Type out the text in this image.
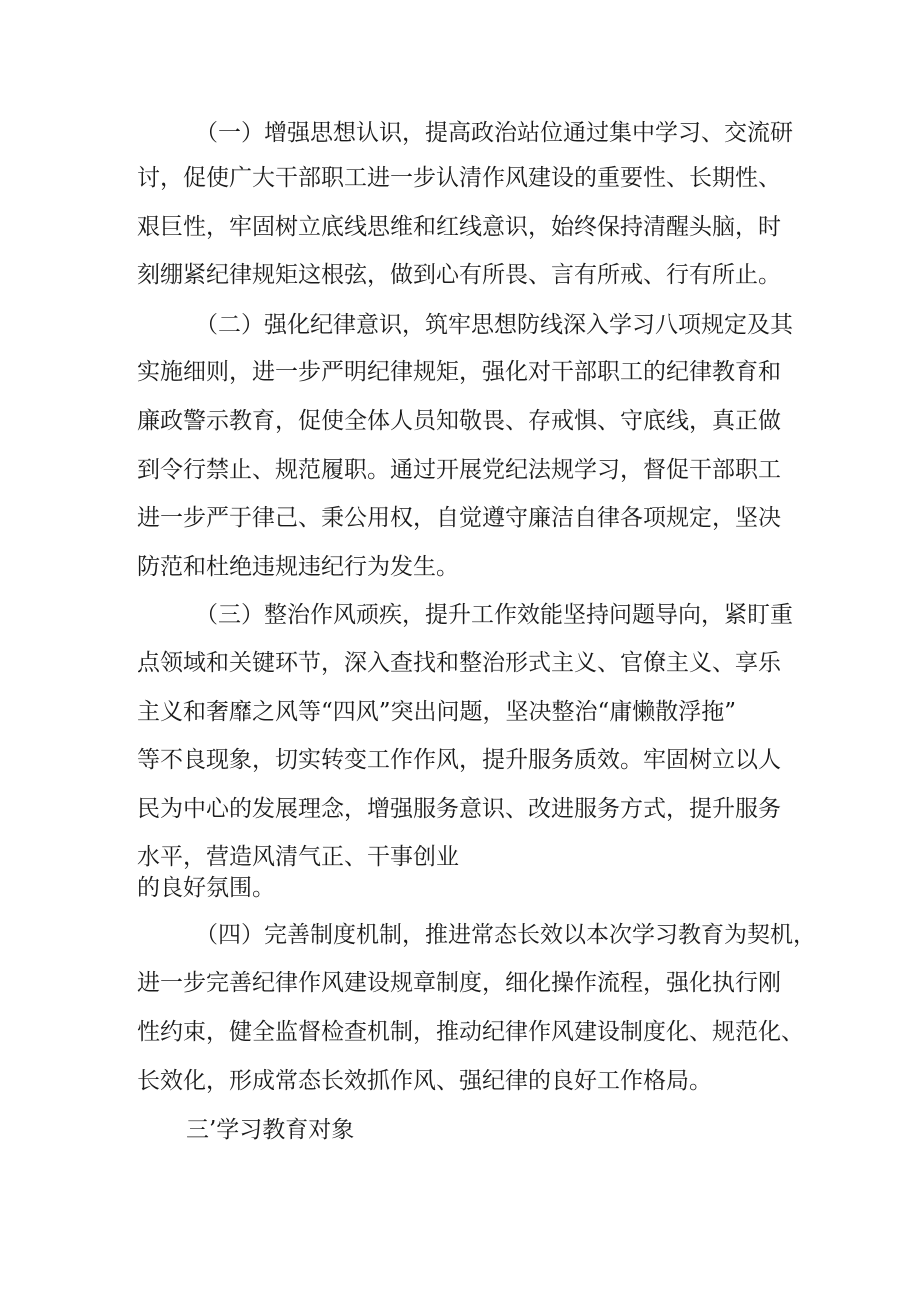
（一）增强思想认识，提高政治站位通过集中学习、交流研
讨，促使广大干部职工进一步认清作风建设的重要性、长期性、
艰巨性，牢固树立底线思维和红线意识，始终保持清醒头脑，时
刻绷紧纪律规矩这根弦，做到心有所畏、言有所戒、行有所止。
（二）强化纪律意识，筑牢思想防线深入学习八项规定及其
实施细则，进一步严明纪律规矩，强化对干部职工的纪律教育和
廉政警示教育，促使全体人员知敬畏、存戒惧、守底线，真正做
到令行禁止、规范履职。通过开展党纪法规学习，督促干部职工
进一步严于律己、秉公用权，自觉遵守廉洁自律各项规定，坚决
防范和杜绝违规违纪行为发生。
（三）整治作风顽疾，提升工作效能坚持问题导向，紧盯重
点领域和关键环节，深入查找和整治形式主义、官僚主义、享乐
主义和奢靡之风等“四风”突出问题，坚决整治“庸懒散浮拖”
等不良现象，切实转变工作作风，提升服务质效。牢固树立以人
民为中心的发展理念，增强服务意识、改进服务方式，提升服务
水平，营造风清气正、干事创业
的良好氛围。
（四）完善制度机制，推进常态长效以本次学习教育为契机，
进一步完善纪律作风建设规章制度，细化操作流程，强化执行刚
性约束，健全监督检查机制，推动纪律作风建设制度化、规范化、
长效化，形成常态长效抓作风、强纪律的良好工作格局。
三’学习教育对象
